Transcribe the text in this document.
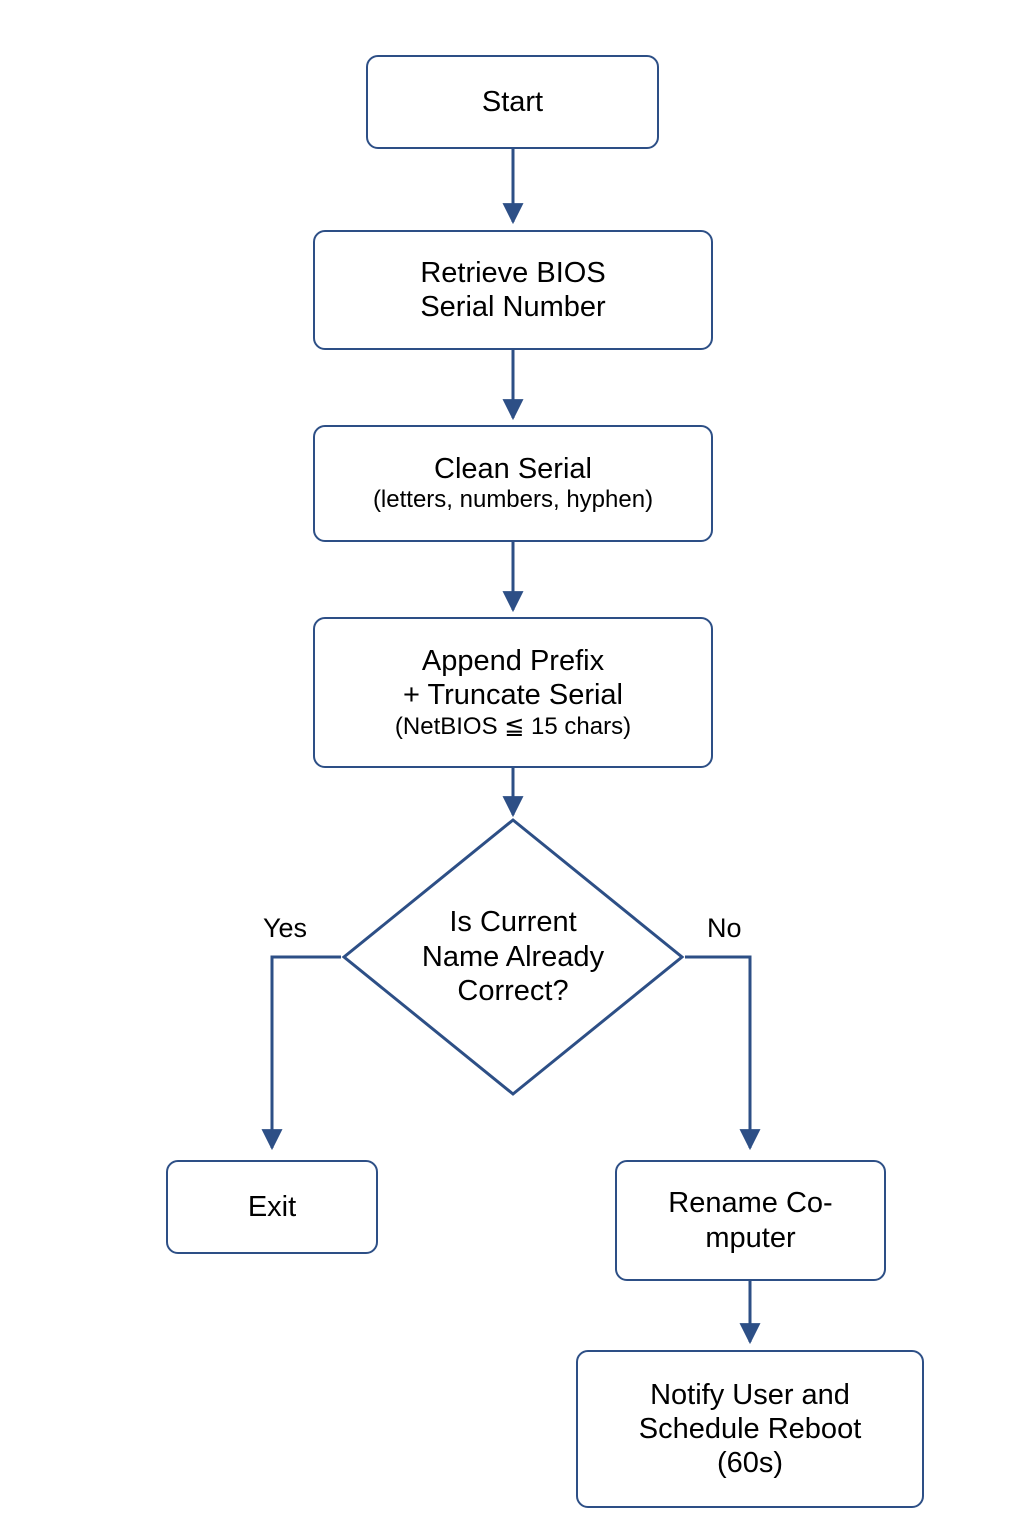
Start
Retrieve BIOS
Serial Number
Clean Serial
(letters, numbers, hyphen)
Append Prefix
+ Truncate Serial
(NetBIOS ≦ 15 chars)
Is Current
Name Already
Correct?
Yes	No
Exit	Rename Co-
mputer
Notify User and
Schedule Reboot
(60s)
